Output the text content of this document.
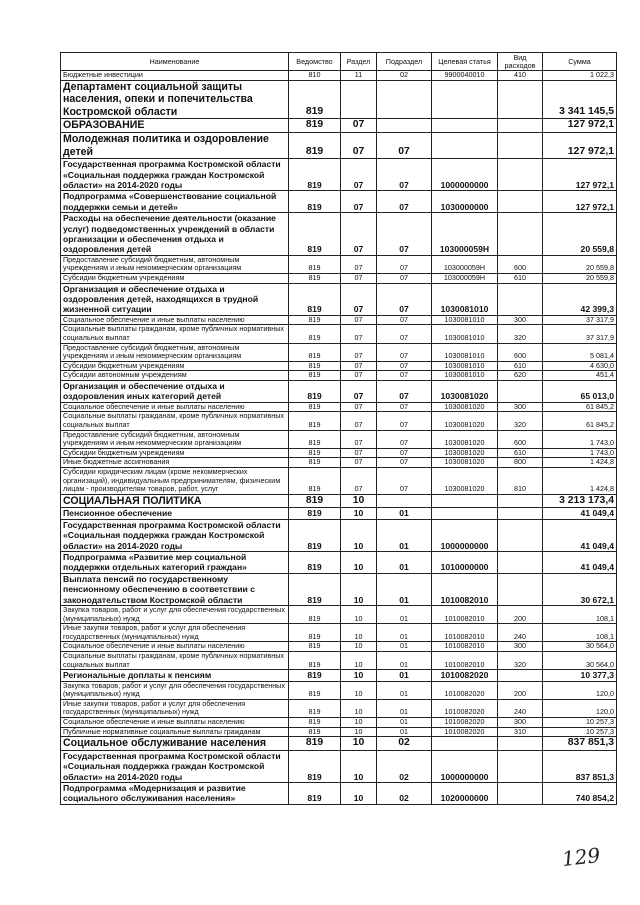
Наименование	Ведомство	Раздел	Подраздел	Целевая статья	Вид расходов	Сумма
Бюджетные инвестиции	810	11	02	9900040010	410	1 022,3
Департамент социальной защиты населения, опеки и попечительства Костромской области	819					3 341 145,5
ОБРАЗОВАНИЕ	819	07				127 972,1
Молодежная политика и оздоровление детей	819	07	07			127 972,1
Государственная программа Костромской области «Социальная поддержка граждан Костромской области» на 2014-2020 годы	819	07	07	1000000000		127 972,1
Подпрограмма «Совершенствование социальной поддержки семьи и детей»	819	07	07	1030000000		127 972,1
Расходы на обеспечение деятельности (оказание услуг) подведомственных учреждений в области организации и обеспечения отдыха и оздоровления детей	819	07	07	103000059Н		20 559,8
Предоставление субсидий бюджетным, автономным учреждениям и иным некоммерческим организациям	819	07	07	103000059Н	600	20 559,8
Субсидии бюджетным учреждениям	819	07	07	103000059Н	610	20 559,8
Организация и обеспечение отдыха и оздоровления детей, находящихся в трудной жизненной ситуации	819	07	07	1030081010		42 399,3
Социальное обеспечение и иные выплаты населению	819	07	07	1030081010	300	37 317,9
Социальные выплаты гражданам, кроме публичных нормативных социальных выплат	819	07	07	1030081010	320	37 317,9
Предоставление субсидий бюджетным, автономным учреждениям и иным некоммерческим организациям	819	07	07	1030081010	600	5 081,4
Субсидии бюджетным учреждениям	819	07	07	1030081010	610	4 630,0
Субсидии автономным учреждениям	819	07	07	1030081010	620	451,4
Организация и обеспечение отдыха и оздоровления иных категорий детей	819	07	07	1030081020		65 013,0
Социальное обеспечение и иные выплаты населению	819	07	07	1030081020	300	61 845,2
Социальные выплаты гражданам, кроме публичных нормативных социальных выплат	819	07	07	1030081020	320	61 845,2
Предоставление субсидий бюджетным, автономным учреждениям и иным некоммерческим организациям	819	07	07	1030081020	600	1 743,0
Субсидии бюджетным учреждениям	819	07	07	1030081020	610	1 743,0
Иные бюджетные ассигнования	819	07	07	1030081020	800	1 424,8
Субсидии юридическим лицам (кроме некоммерческих организаций), индивидуальным предпринимателям, физическим лицам - производителям товаров, работ, услуг	819	07	07	1030081020	810	1 424,8
СОЦИАЛЬНАЯ ПОЛИТИКА	819	10				3 213 173,4
Пенсионное обеспечение	819	10	01			41 049,4
Государственная программа Костромской области «Социальная поддержка граждан Костромской области» на 2014-2020 годы	819	10	01	1000000000		41 049,4
Подпрограмма «Развитие мер социальной поддержки отдельных категорий граждан»	819	10	01	1010000000		41 049,4
Выплата пенсий по государственному пенсионному обеспечению в соответствии с законодательством Костромской области	819	10	01	1010082010		30 672,1
Закупка товаров, работ и услуг для обеспечения государственных (муниципальных) нужд	819	10	01	1010082010	200	108,1
Иные закупки товаров, работ и услуг для обеспечения государственных (муниципальных) нужд	819	10	01	1010082010	240	108,1
Социальное обеспечение и иные выплаты населению	819	10	01	1010082010	300	30 564,0
Социальные выплаты гражданам, кроме публичных нормативных социальных выплат	819	10	01	1010082010	320	30 564,0
Региональные доплаты к пенсиям	819	10	01	1010082020		10 377,3
Закупка товаров, работ и услуг для обеспечения государственных (муниципальных) нужд	819	10	01	1010082020	200	120,0
Иные закупки товаров, работ и услуг для обеспечения государственных (муниципальных) нужд	819	10	01	1010082020	240	120,0
Социальное обеспечение и иные выплаты населению	819	10	01	1010082020	300	10 257,3
Публичные нормативные социальные выплаты гражданам	819	10	01	1010082020	310	10 257,3
Социальное обслуживание населения	819	10	02			837 851,3
Государственная программа Костромской области «Социальная поддержка граждан Костромской области» на 2014-2020 годы	819	10	02	1000000000		837 851,3
Подпрограмма «Модернизация и развитие социального обслуживания населения»	819	10	02	1020000000		740 854,2
129
